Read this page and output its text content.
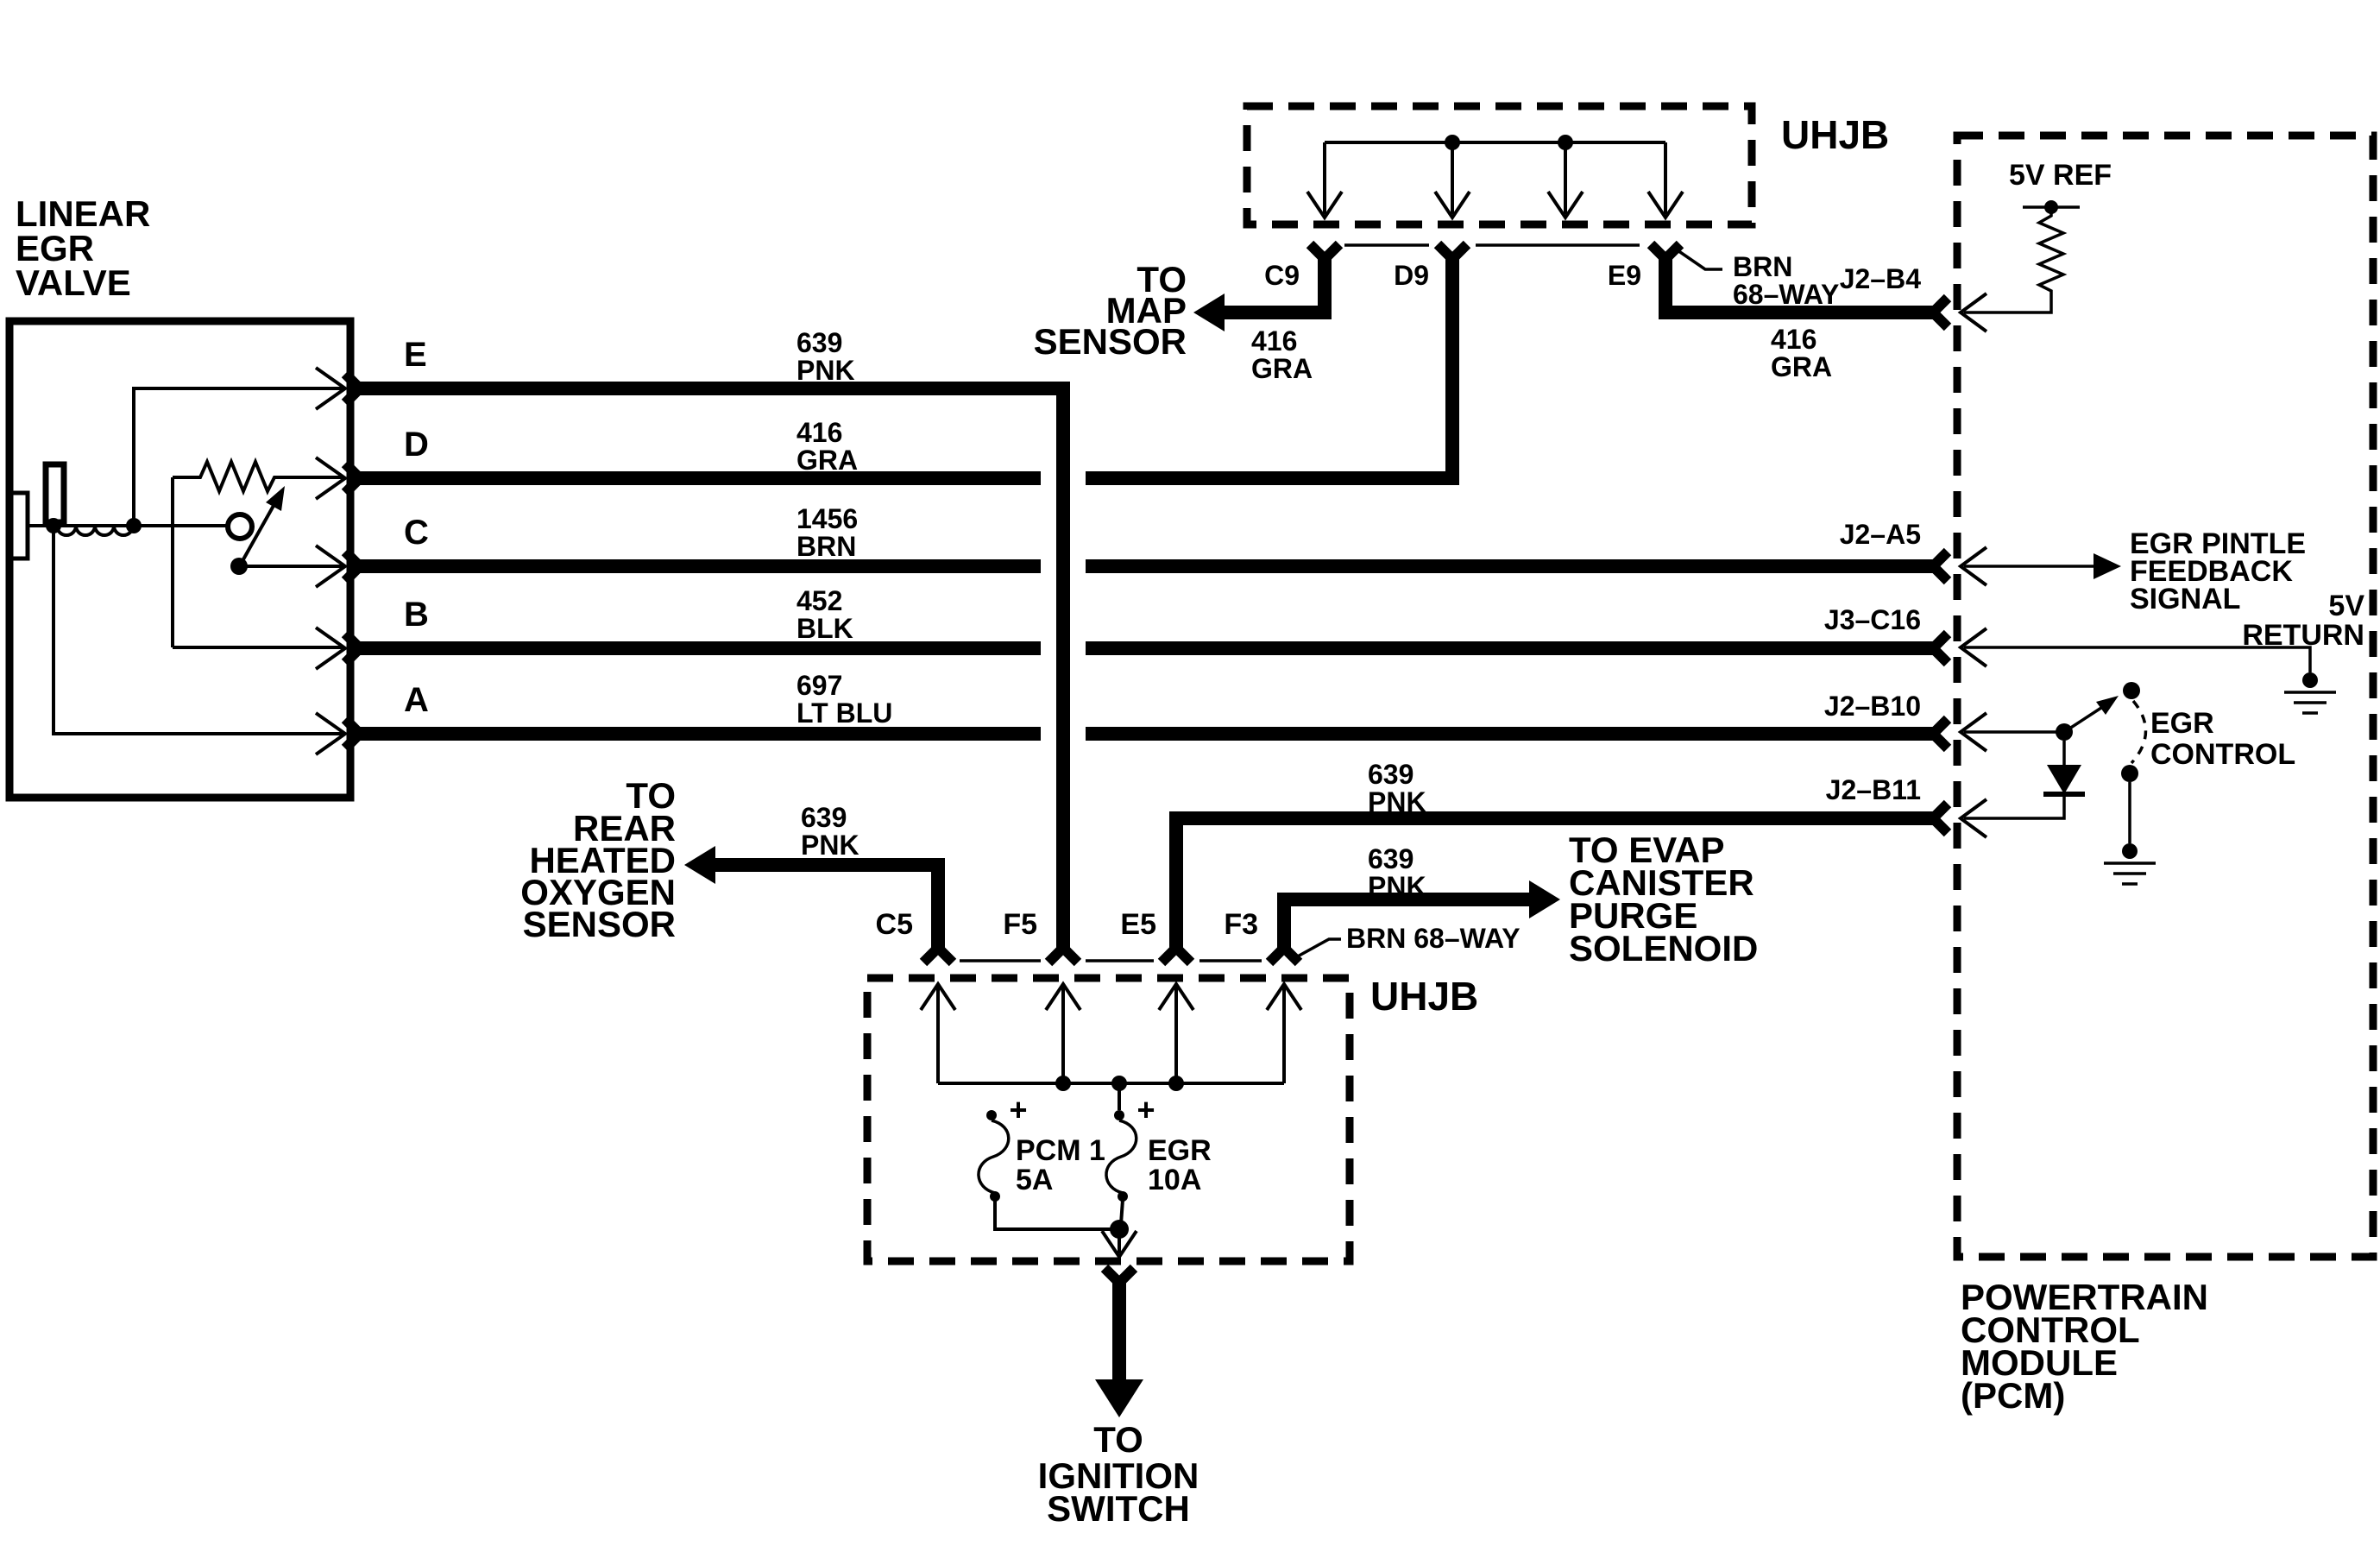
LINEAR
EGR
VALVE
E
D
C
B
A
639
PNK
416
GRA
1456
BRN
452
BLK
697
LT BLU
UHJB
C9	D9	E9	BRN
68–WAY
TO
MAP
SENSOR 416
GRA
J2–B4
416
GRA
UHJB
C5	F5	E5 F3	BRN 68–WAY
+
PCM 1
5A
+
EGR
10A
TO
REAR
HEATED
OXYGEN
SENSOR
639
PNK
639
PNK
TO EVAP
CANISTER
PURGE
SOLENOID
639
PNK
TO
IGNITION
SWITCH
POWERTRAIN
CONTROL
MODULE
(PCM)
J2–A5
J3–C16
J2–B10
J2–B11
5V REF
EGR PINTLE
FEEDBACK
SIGNAL	5V
RETURN
EGR
CONTROL
